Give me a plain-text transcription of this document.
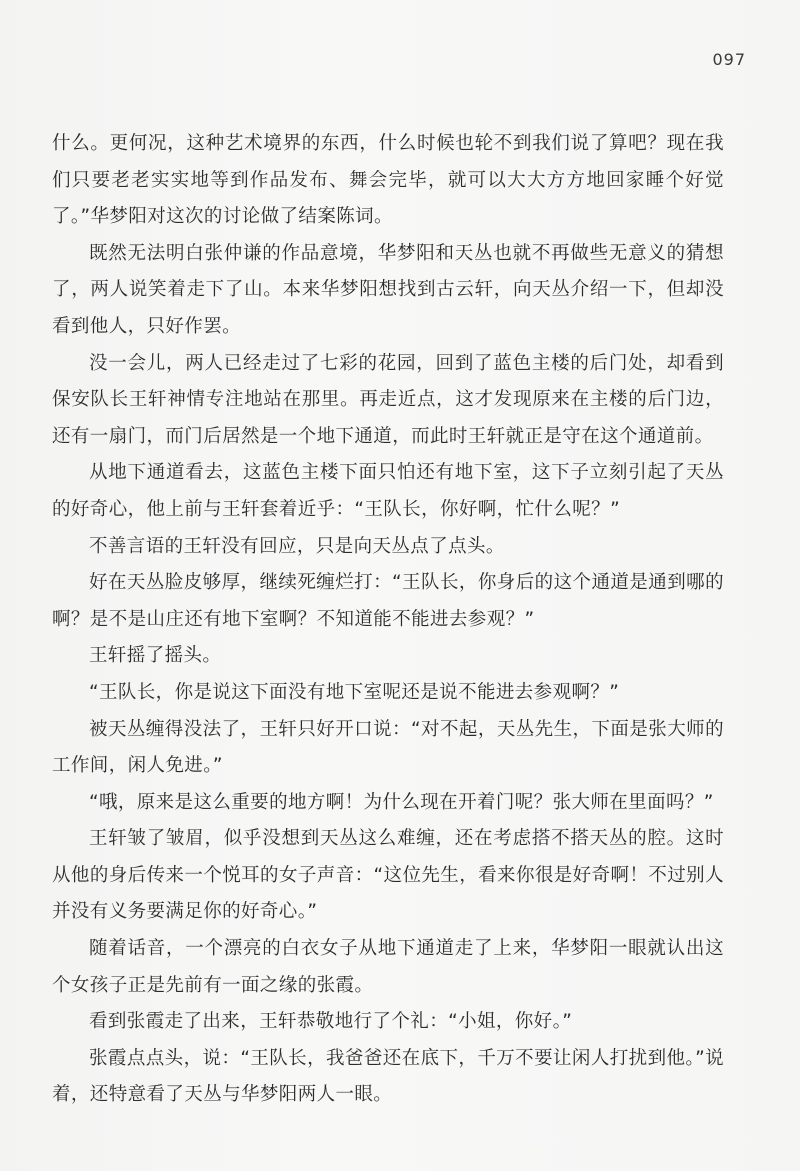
097

什么。更何况，这种艺术境界的东西，什么时候也轮不到我们说了算吧？现在我们只要老老实实地等到作品发布、舞会完毕，就可以大大方方地回家睡个好觉了。”华梦阳对这次的讨论做了结案陈词。

既然无法明白张仲谦的作品意境，华梦阳和天丛也就不再做些无意义的猜想了，两人说笑着走下了山。本来华梦阳想找到古云轩，向天丛介绍一下，但却没看到他人，只好作罢。

没一会儿，两人已经走过了七彩的花园，回到了蓝色主楼的后门处，却看到保安队长王轩神情专注地站在那里。再走近点，这才发现原来在主楼的后门边，还有一扇门，而门后居然是一个地下通道，而此时王轩就正是守在这个通道前。

从地下通道看去，这蓝色主楼下面只怕还有地下室，这下子立刻引起了天丛的好奇心，他上前与王轩套着近乎：“王队长，你好啊，忙什么呢？”

不善言语的王轩没有回应，只是向天丛点了点头。

好在天丛脸皮够厚，继续死缠烂打：“王队长，你身后的这个通道是通到哪的啊？是不是山庄还有地下室啊？不知道能不能进去参观？”

王轩摇了摇头。

“王队长，你是说这下面没有地下室呢还是说不能进去参观啊？”

被天丛缠得没法了，王轩只好开口说：“对不起，天丛先生，下面是张大师的工作间，闲人免进。”

“哦，原来是这么重要的地方啊！为什么现在开着门呢？张大师在里面吗？”

王轩皱了皱眉，似乎没想到天丛这么难缠，还在考虑搭不搭天丛的腔。这时从他的身后传来一个悦耳的女子声音：“这位先生，看来你很是好奇啊！不过别人并没有义务要满足你的好奇心。”

随着话音，一个漂亮的白衣女子从地下通道走了上来，华梦阳一眼就认出这个女孩子正是先前有一面之缘的张霞。

看到张霞走了出来，王轩恭敬地行了个礼：“小姐，你好。”

张霞点点头，说：“王队长，我爸爸还在底下，千万不要让闲人打扰到他。”说着，还特意看了天丛与华梦阳两人一眼。
